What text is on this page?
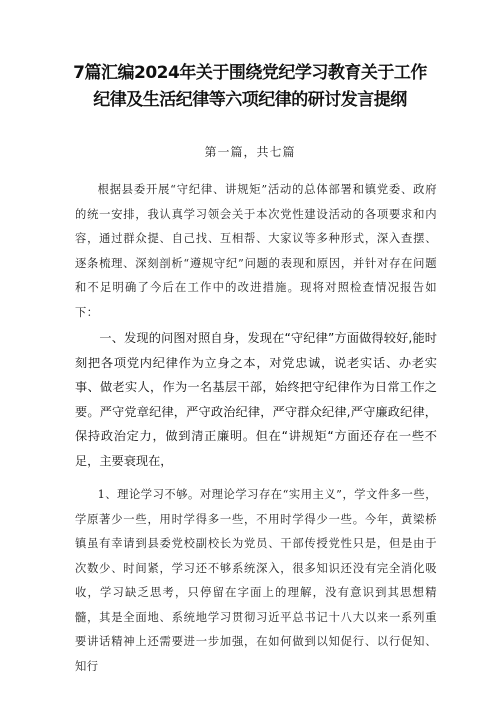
7篇汇编2024年关于围绕党纪学习教育关于工作纪律及生活纪律等六项纪律的研讨发言提纲
第一篇，共七篇

根据县委开展“守纪律、讲规矩”活动的总体部署和镇党委、政府的统一安排，我认真学习领会关于本次党性建设活动的各项要求和内容，通过群众提、自己找、互相帮、大家议等多种形式，深入查摆、逐条梳理、深刻剖析“遵规守纪”问题的表现和原因，并针对存在问题和不足明确了今后在工作中的改进措施。现将对照检查情况报告如下：

一、发现的问图对照自身，发现在“守纪律”方面做得较好,能时刻把各项党内纪律作为立身之本，对党忠诚，说老实话、办老实事、做老实人，作为一名基层干部，始终把守纪律作为日常工作之要。严守党章纪律，严守政治纪律，严守群众纪律,严守廉政纪律，保持政治定力，做到清正廉明。但在“讲规矩“方面还存在一些不足，主要衰现在，

1、理论学习不够。对理论学习存在“实用主义”，学文件多一些，学原著少一些，用时学得多一些，不用时学得少一些。今年，黄梁桥镇虽有幸请到县委党校副校长为党员、干部传授党性只是，但是由于次数少、时间紧，学习还不够系统深入，很多知识还没有完全消化吸收，学习缺乏思考，只停留在字面上的理解，没有意识到其思想精髓，其是全面地、系统地学习贯彻习近平总书记十八大以来一系列重要讲话精神上还需要进一步加强，在如何做到以知促行、以行促知、知行
